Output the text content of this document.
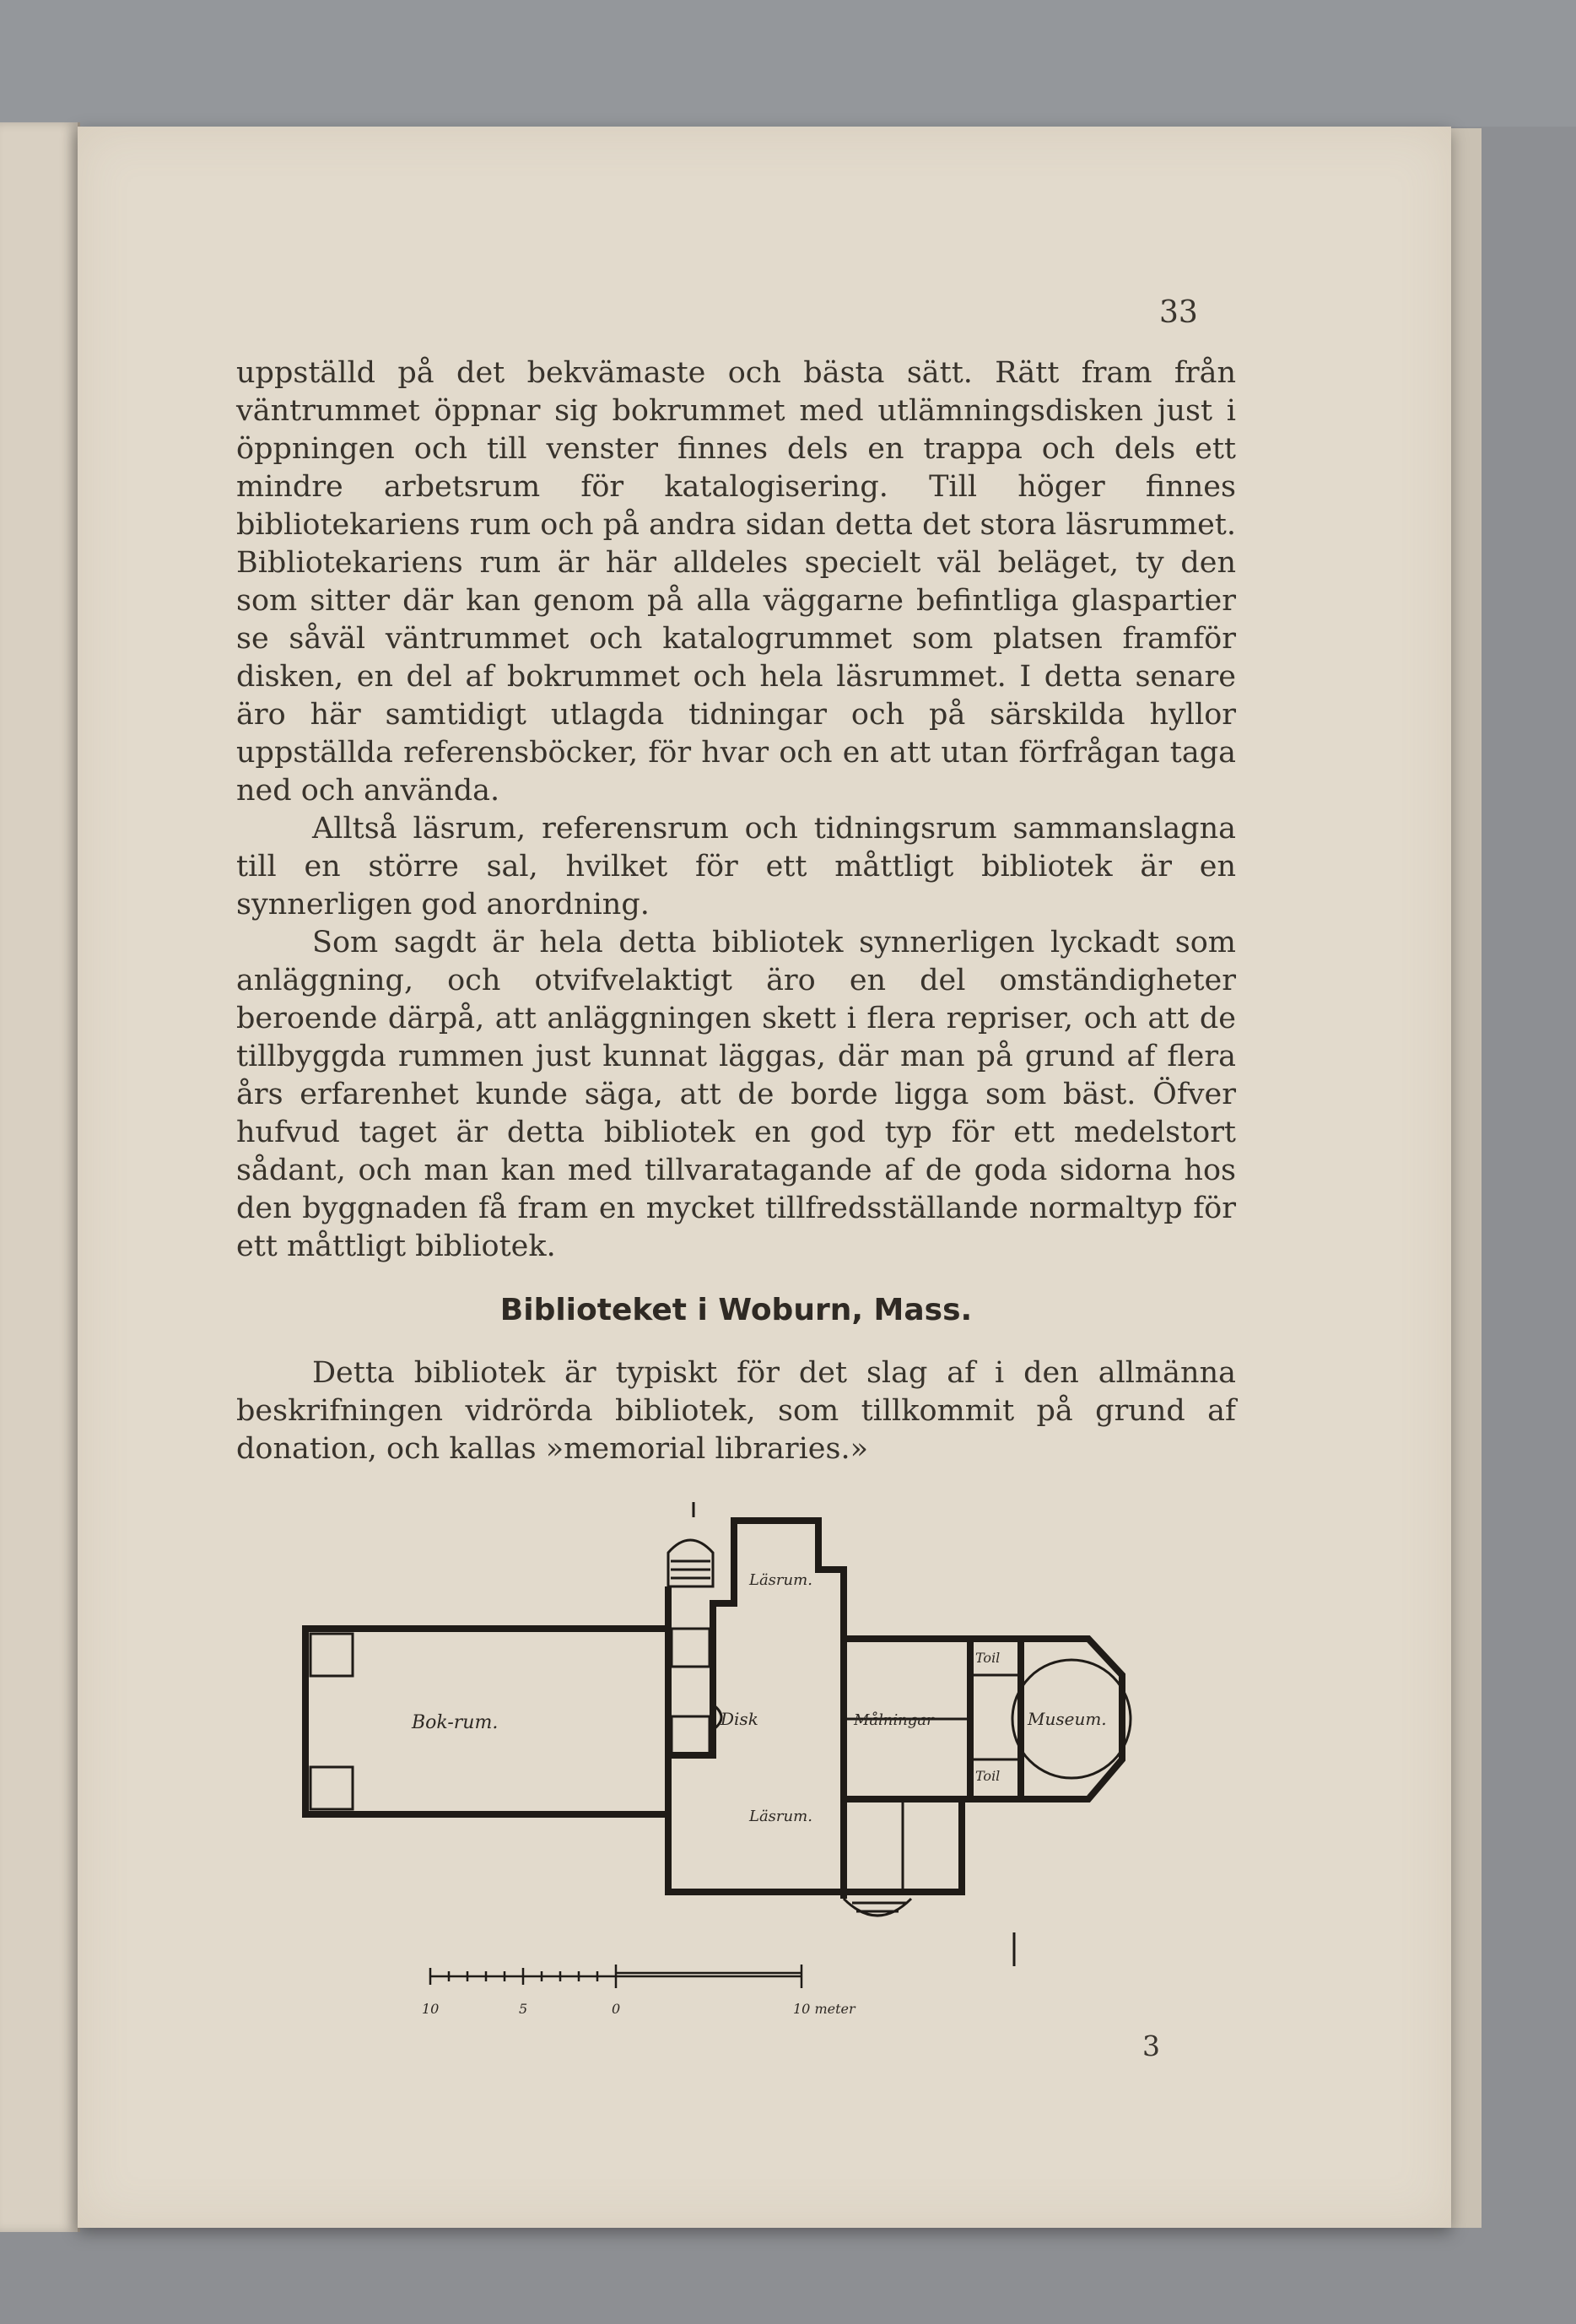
33

uppställd på det bekvämaste och bästa sätt. Rätt fram från väntrummet öppnar sig bokrummet med utlämningsdisken just i öppningen och till venster finnes dels en trappa och dels ett mindre arbetsrum för katalogisering. Till höger finnes bibliotekariens rum och på andra sidan detta det stora läsrummet. Bibliotekariens rum är här alldeles specielt väl beläget, ty den som sitter där kan genom på alla väggarne befintliga glaspartier se såväl väntrummet och katalogrummet som platsen framför disken, en del af bokrummet och hela läsrummet. I detta senare äro här samtidigt utlagda tidningar och på särskilda hyllor uppställda referensböcker, för hvar och en att utan förfrågan taga ned och använda.

Alltså läsrum, referensrum och tidningsrum sammanslagna till en större sal, hvilket för ett måttligt bibliotek är en synnerligen god anordning.

Som sagdt är hela detta bibliotek synnerligen lyckadt som anläggning, och otvifvelaktigt äro en del omständigheter beroende därpå, att anläggningen skett i flera repriser, och att de tillbyggda rummen just kunnat läggas, där man på grund af flera års erfarenhet kunde säga, att de borde ligga som bäst. Öfver hufvud taget är detta bibliotek en god typ för ett medelstort sådant, och man kan med tillvaratagande af de goda sidorna hos den byggnaden få fram en mycket tillfredsställande normaltyp för ett måttligt bibliotek.

Biblioteket i Woburn, Mass.
Detta bibliotek är typiskt för det slag af i den allmänna beskrifningen vidrörda bibliotek, som tillkommit på grund af donation, och kallas »memorial libraries.»
Bok-rum.
Läsrum.
Disk	Målningar	Museum.
Toil
Toil
Läsrum.
10	5	0	10 meter
3
